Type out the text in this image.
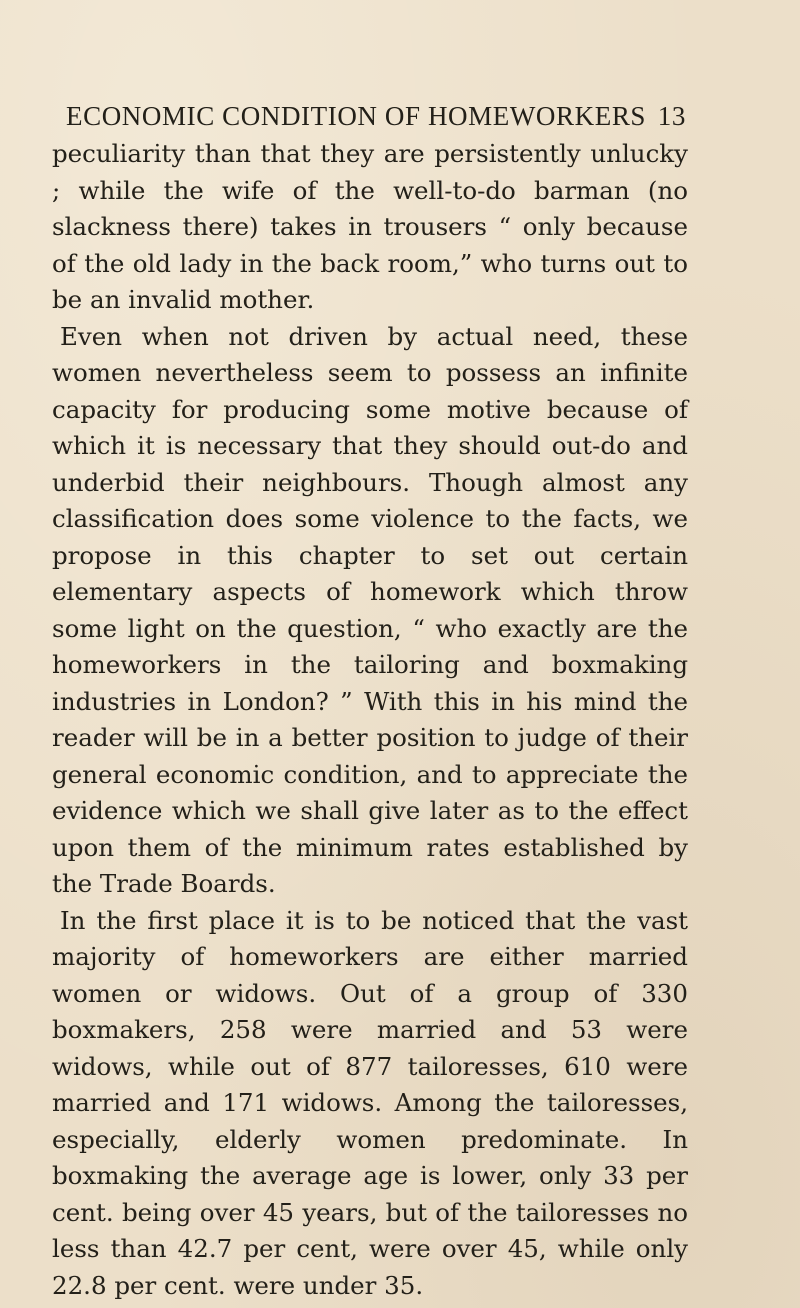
ECONOMIC CONDITION OF HOMEWORKERS 13

peculiarity than that they are persistently unlucky ; while the wife of the well-to-do barman (no slackness there) takes in trousers “ only because of the old lady in the back room,” who turns out to be an invalid mother.

Even when not driven by actual need, these women nevertheless seem to possess an infinite capacity for producing some motive because of which it is necessary that they should out-do and underbid their neighbours. Though almost any classification does some violence to the facts, we propose in this chapter to set out certain elementary aspects of homework which throw some light on the question, “ who exactly are the homeworkers in the tailoring and boxmaking industries in London? ” With this in his mind the reader will be in a better position to judge of their general economic condition, and to appreciate the evidence which we shall give later as to the effect upon them of the minimum rates established by the Trade Boards.

In the first place it is to be noticed that the vast majority of homeworkers are either married women or widows. Out of a group of 330 boxmakers, 258 were married and 53 were widows, while out of 877 tailoresses, 610 were married and 171 widows. Among the tailoresses, especially, elderly women predominate. In boxmaking the average age is lower, only 33 per cent. being over 45 years, but of the tailoresses no less than 42.7 per cent, were over 45, while only 22.8 per cent. were under 35.
